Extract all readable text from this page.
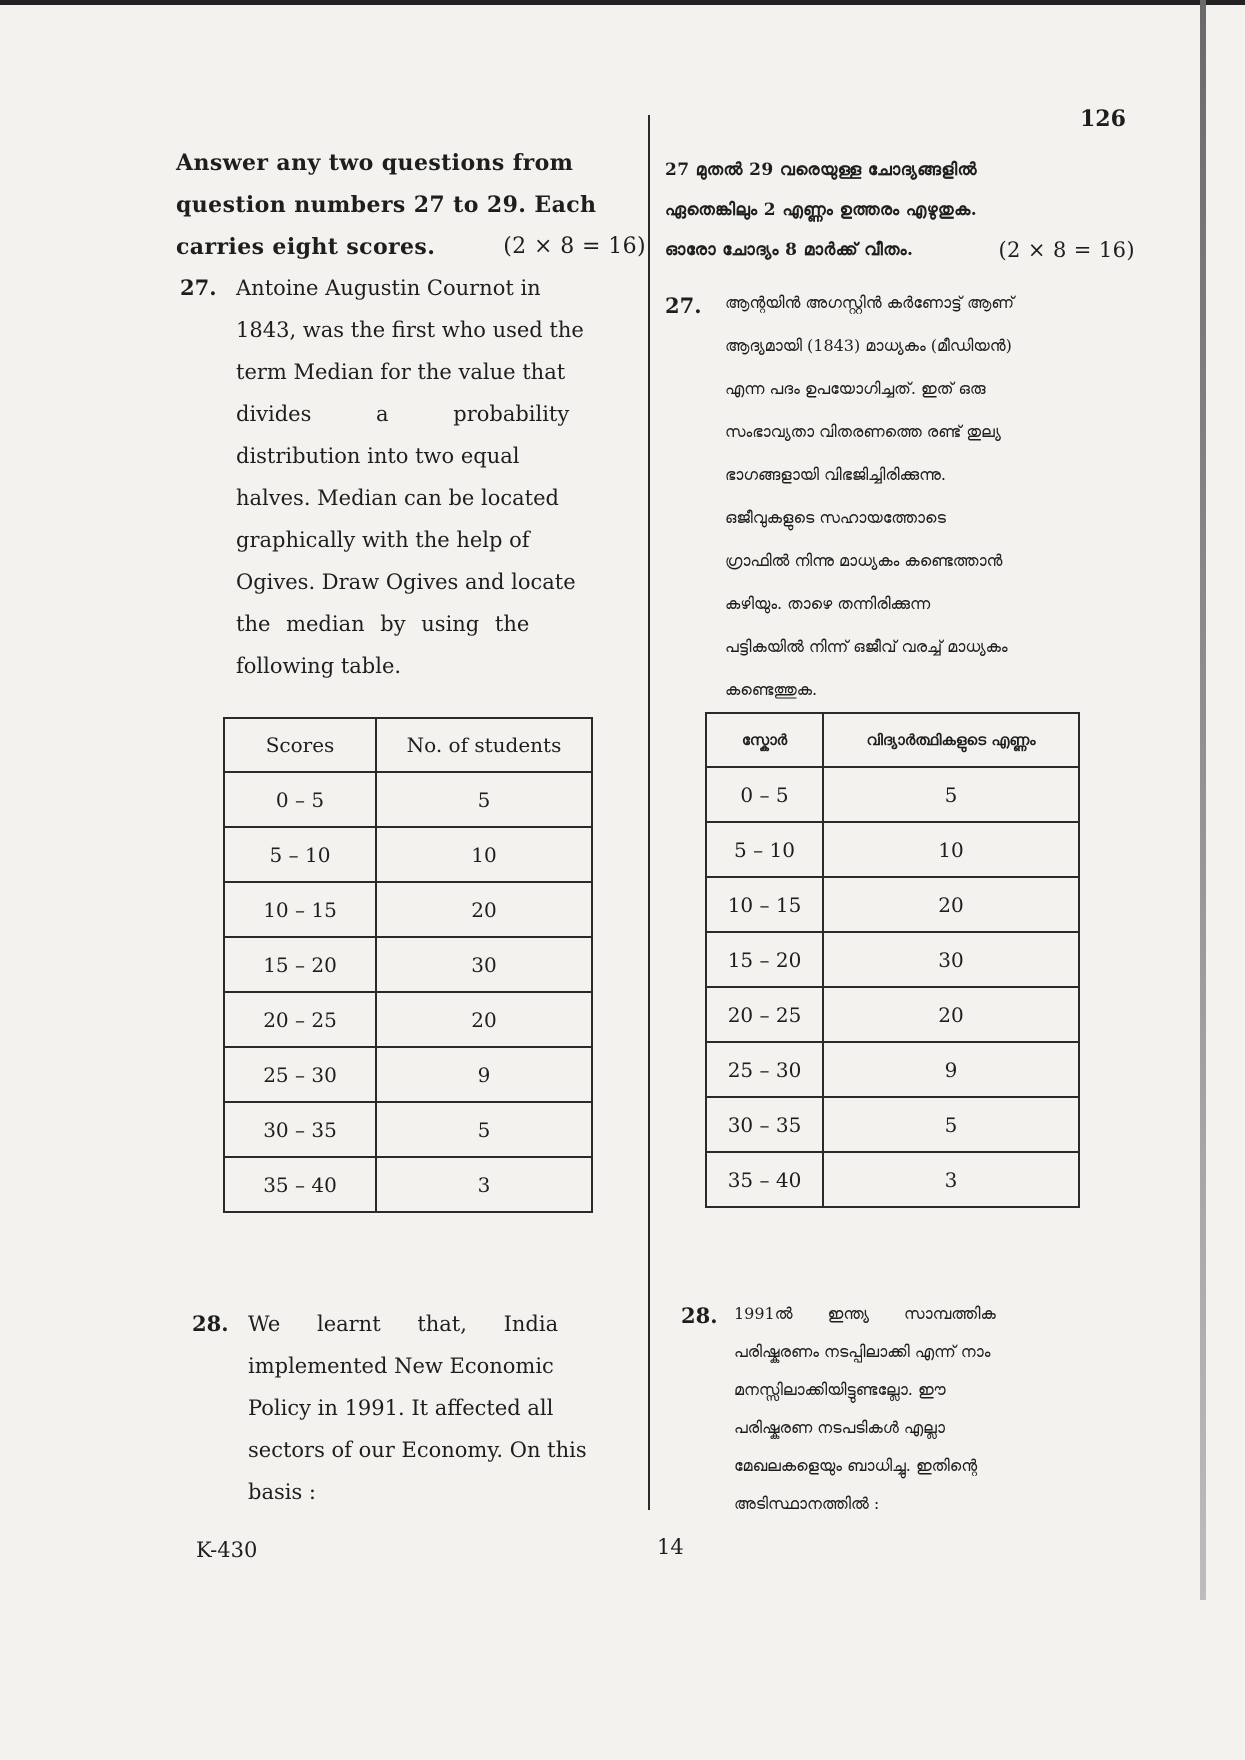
126
Answer any two questions from
question numbers 27 to 29. Each
carries eight scores.	(2 × 8 = 16)
27. Antoine Augustin Cournot in
1843, was the first who used the
term Median for the value that
divides a probability
distribution into two equal
halves. Median can be located
graphically with the help of
Ogives. Draw Ogives and locate
the median by using the
following table.
Scores	No. of students
0 – 5	5
5 – 10	10
10 – 15	20
15 – 20	30
20 – 25	20
25 – 30	9
30 – 35	5
35 – 40	3
28. We learnt that, India
implemented New Economic
Policy in 1991. It affected all
sectors of our Economy. On this
basis :
K-430	14
27 മുതൽ 29 വരെയുള്ള ചോദ്യങ്ങളിൽ
ഏതെങ്കിലും 2 എണ്ണം ഉത്തരം എഴുതുക.
ഓരോ ചോദ്യം 8 മാർക്ക് വീതം.	(2 × 8 = 16)
27. ആന്റയിൻ അഗസ്റ്റിൻ കർണോട്ട് ആണ്
ആദ്യമായി (1843) മാധ്യകം (മീഡിയൻ)
എന്ന പദം ഉപയോഗിച്ചത്. ഇത് ഒരു
സംഭാവ്യതാ വിതരണത്തെ രണ്ട് തുല്യ
ഭാഗങ്ങളായി വിഭജിച്ചിരിക്കുന്നു.
ഒജീവുകളുടെ സഹായത്തോടെ
ഗ്രാഫിൽ നിന്നു മാധ്യകം കണ്ടെത്താൻ
കഴിയും. താഴെ തന്നിരിക്കുന്ന
പട്ടികയിൽ നിന്ന് ഒജീവ് വരച്ച് മാധ്യകം
കണ്ടെത്തുക.
സ്കോർ	വിദ്യാർത്ഥികളുടെ എണ്ണം
0 – 5	5
5 – 10	10
10 – 15	20
15 – 20	30
20 – 25	20
25 – 30	9
30 – 35	5
35 – 40	3
28. 1991ൽ ഇന്ത്യ സാമ്പത്തിക
പരിഷ്കരണം നടപ്പിലാക്കി എന്ന് നാം
മനസ്സിലാക്കിയിട്ടുണ്ടല്ലോ. ഈ
പരിഷ്കരണ നടപടികൾ എല്ലാ
മേഖലകളെയും ബാധിച്ചു. ഇതിന്റെ
അടിസ്ഥാനത്തിൽ :
